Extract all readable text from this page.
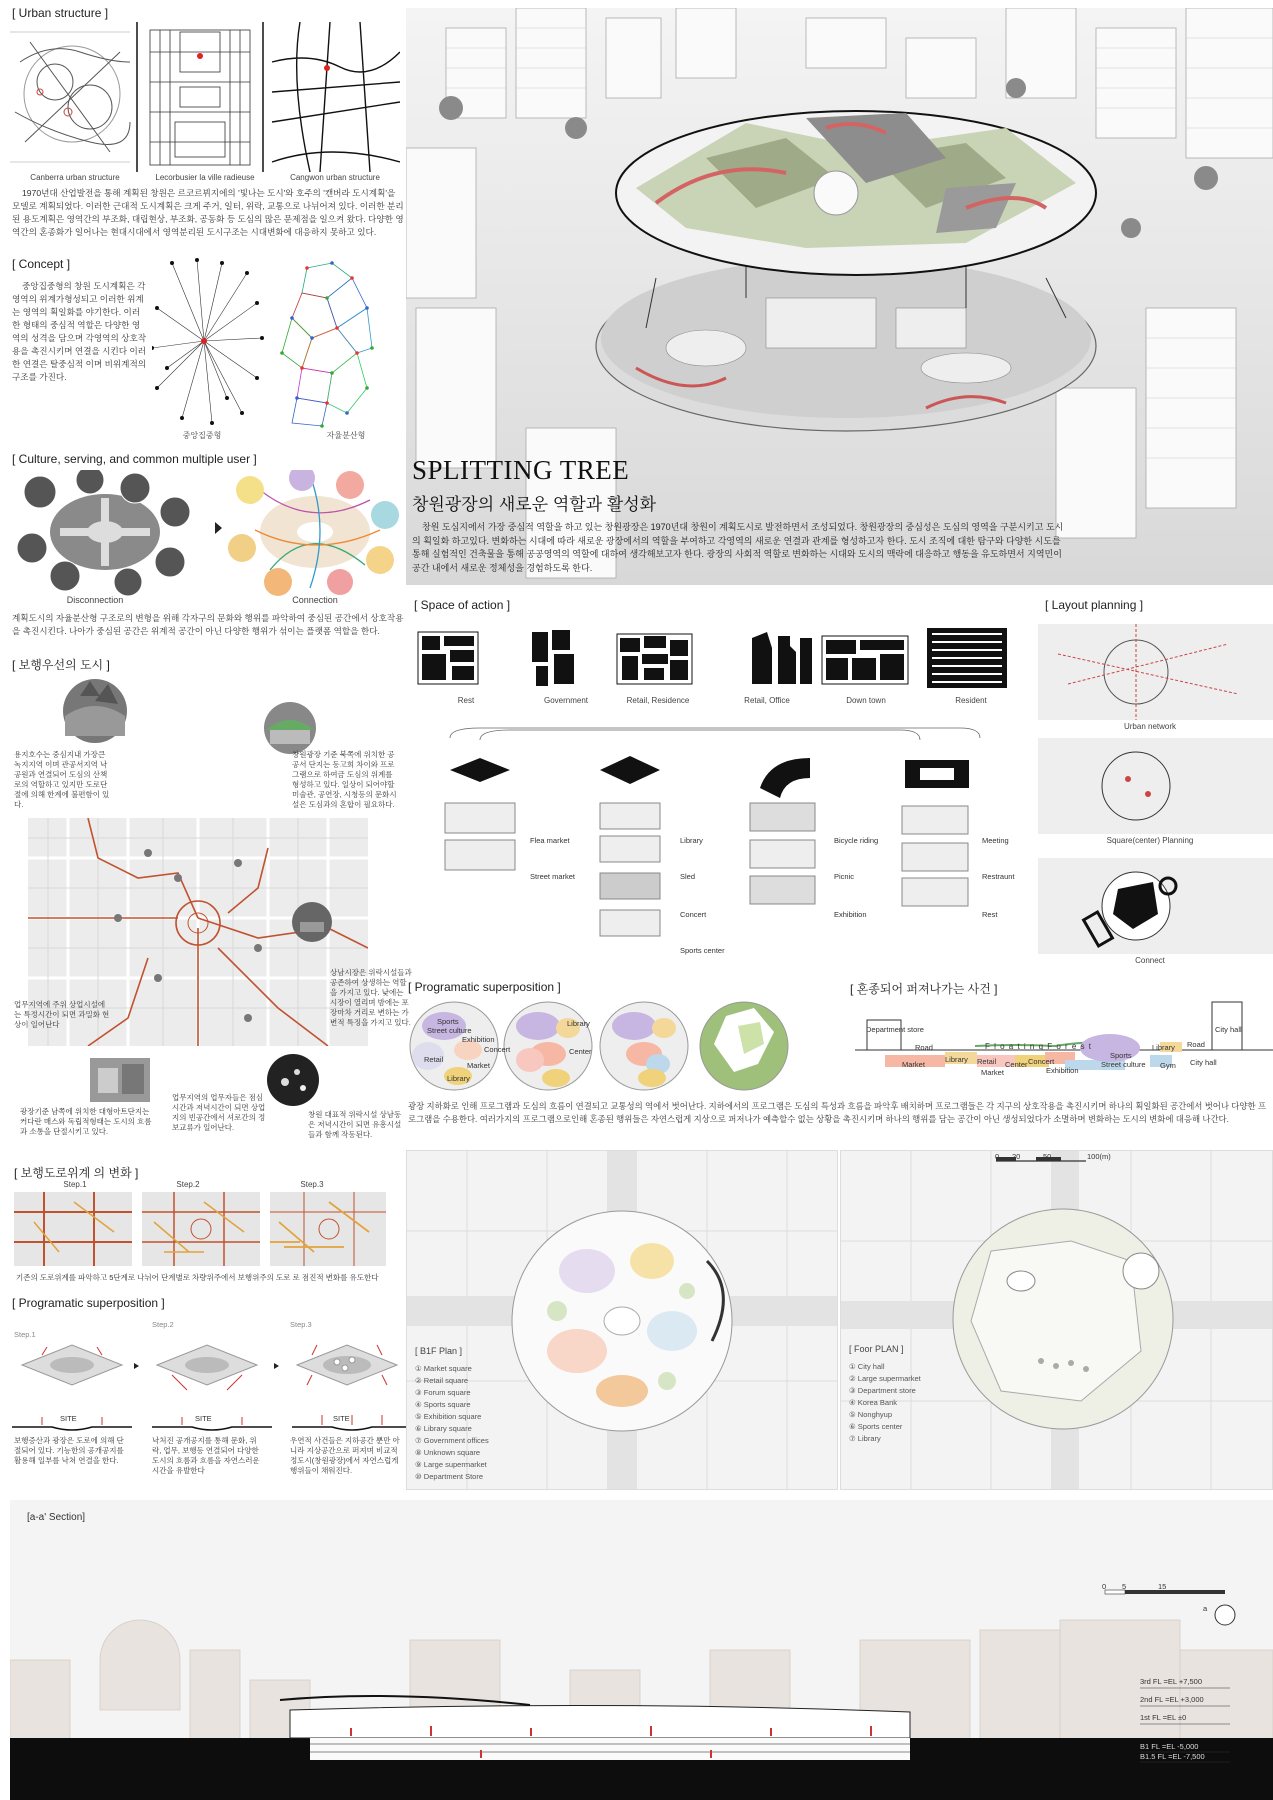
[ Urban structure ]
Canberra urban structure	Lecorbusier la ville radieuse	Cangwon urban structure
1970년대 산업발전을 통해 계획된 창원은 르코르뷔지에의 '빛나는 도시'와 호주의 '캔버라 도시계획'을 모델로 계획되었다. 이러한 근대적 도시계획은 크게 주거, 일터, 위락, 교통으로 나뉘어져 있다. 이러한 분리된 용도계획은 영역간의 부조화, 대립현상, 부조화, 공동화 등 도심의 많은 문제점을 일으켜 왔다. 다양한 영역간의 혼종화가 일어나는 현대시대에서 영역분리된 도시구조는 시대변화에 대응하지 못하고 있다.
[ Concept ]
중앙집중형의 창원 도시계획은 각영역의 위계가형성되고 이러한 위계는 영역의 획일화를 야기한다. 이러한 형태의 중심적 역할은 다양한 영역의 성격을 담으며 각영역의 상호작용을 촉진시키며 연결을 시킨다 이러한 연결은 탈중심적 이며 비위계적의 구조를 가진다.
중앙집중형	자율분산형
[ Culture, serving, and common multiple user ]
Disconnection	Connection
계획도시의 자율분산형 구조로의 변형을 위해 각자구의 문화와 행위를 파악하여 중심된 공간에서 상호작용을 촉진시킨다. 나아가 중심된 공간은 위계적 공간이 아닌 다양한 행위가 섞이는 플랫폼 역할을 한다.
[ 보행우선의 도시 ]
용지호수는 중심지내 가장큰 녹지지역 이며 관공서지역 낙 공원과 연결되어 도심의 산책로의 역할하고 있지만 도로단절에 의해 한계에 불편함이 있다.
창원광장 기준 북쪽에 위치한 공공서 단지는 동고희 차이와 프로그램으로 하여금 도심의 위계를 형성하고 있다. 일상이 되어야할 미술관, 공연장, 시청등의 문화시설은 도심과의 혼합이 필요하다.
업무지역에 주위 상업시설에는 특정시간이 되면 과밀화 현상이 일어난다
상남시장은 위락시설들과 공존하여 상생하는 역할을 가지고 있다. 낮에는 시장이 열리며 밤에는 포장마차 거리로 변하는 가변적 특징을 가지고 있다.
광장기준 남쪽에 위치한 대형아트단지는 커다란 매스와 독립적형태는 도시의 흐름과 소통을 단절시키고 있다.
업무지역의 업무자들은 점심시간과 저녁시간이 되면 상업지의 빈공간에서 셔로간의 정보교류가 일어난다.
창원 대표적 위락시설 상남동은 저녁시간이 되면 유흥시설들과 함께 작동된다.
[ 보행도로위계 의 변화 ]
Step.1	Step.2	Step.3
기존의 도로위계를 파악하고 5단계로 나뉘어 단계별로 차량위주에서 보행위주의 도로 로 점진적 변화를 유도한다
[ Programatic superposition ]
Step.1
Step.2	Step.3
SITE	SITE	SITE
보행증산과 광장은 도로에 의해 단절되어 있다. 기능한의 공개공지를 활용해 일부를 낙쳐 연결을 한다.
낙처진 공개공지를 통해 문화, 위락, 업무, 보행등 연결되어 다양한 도시의 흐름과 흐름을 자연스러운 시간을 유발한다
우연적 사건들은 지하공간 뿐만 아니라 지상공간으로 퍼져며 비교적정도시(창원광장)에서 자연스럽게 행위들이 채워진다.
SPLITTING TREE
창원광장의 새로운 역할과 활성화
창원 도심지에서 가장 중심적 역할을 하고 있는 창원광장은 1970년대 창원이 계획도시로 발전하면서 조성되었다. 창원광장의 중심성은 도심의 영역을 구분시키고 도시의 획일화 하고있다. 변화하는 시대에 따라 새로운 광장에서의 역할을 부여하고 각영역의 새로운 연결과 관계를 형성하고자 한다. 도시 조직에 대한 탐구와 다양한 시도를 통해 실험적인 건축물을 통해 공공영역의 역할에 대하여 생각해보고자 한다. 광장의 사회적 역할로 변화하는 시대와 도시의 맥락에 대응하고 행동을 유도하면서 지역민이 공간 내에서 새로운 정체성을 경험하도록 한다.
[ Space of action ]
Rest	Government	Retail, Residence	Retail, Office	Down town	Resident
Flea market
Street market
Library
Sled
Concert
Sports center
Bicycle riding
Picnic
Exhibition
Meeting
Restraunt
Rest
[ Layout planning ]
Urban network
Square(center) Planning
Connect
[ Programatic superposition ]
Sports
Street culture
Exhibition
Concert
Retail
Market
Library
Center
Library
[ 혼종되어 퍼져나가는 사건 ]
Department store
Road	F l o a t i n g F o r e s t	Road
City hall
Market
Library Retail
Market
Center Concert
Exhibition
Sports
Street culture
Library
Gym City hall
광장 지하화로 인해 프로그램과 도심의 흐름이 연결되고 교통성의 역에서 벗어난다. 지하에서의 프로그램은 도심의 특성과 흐름을 파악후 배치하며 프로그램들은 각 지구의 상호작용을 촉진시키며 하나의 획일화된 공간에서 벗어나 다양한 프로그램을 수용한다. 여러가지의 프로그램으로인해 혼종된 행위들은 자연스럽게 지상으로 퍼저나가 예측할수 없는 상황을 촉진시키며 하나의 행위를 담는 공간이 아닌 생성되었다가 소멸하며 변화하는 도시의 변화에 대응해 나간다.
[ B1F Plan ]
① Market square
② Retail square
③ Forum square
④ Sports square
⑤ Exhibition square
⑥ Library square
⑦ Government offices
⑧ Unknown square
⑨ Large supermarket
⑩ Department Store
0 20	50	100(m)
[ Foor PLAN ]
① City hall
② Large supermarket
③ Department store
④ Korea Bank
⑤ Nonghyup
⑥ Sports center
⑦ Library
[a-a' Section]
0 5	15
a
3rd FL =EL +7,500
2nd FL =EL +3,000
1st FL =EL ±0
B1 FL =EL -5,000
B1.5 FL =EL -7,500
